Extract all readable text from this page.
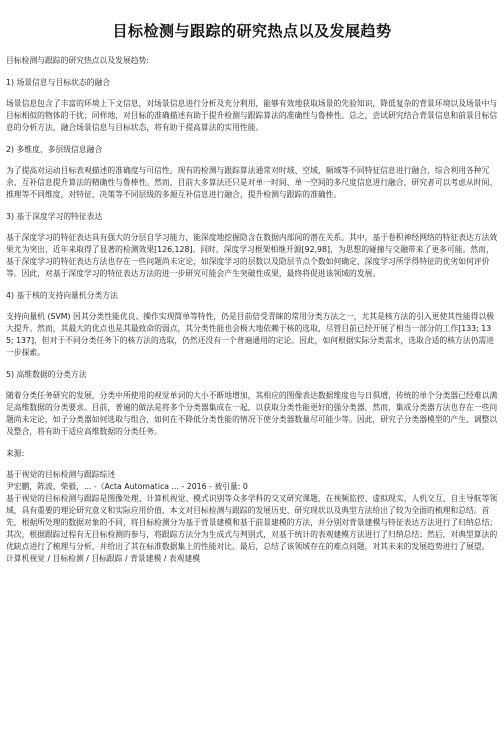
目标检测与跟踪的研究热点以及发展趋势

目标检测与跟踪的研究热点以及发展趋势:

1) 场景信息与目标状态的融合

场景信息包含了丰富的环境上下文信息，对场景信息进行分析及充分利用，能够有效地获取场景的先验知识，降低复杂的背景环境以及场景中与目标相似的物体的干扰；同样地，对目标的准确描述有助于提升检测与跟踪算法的准确性与鲁棒性。总之，尝试研究结合背景信息和前景目标信息的分析方法，融合场景信息与目标状态，将有助于提高算法的实用性能。

2) 多维度、多层级信息融合

为了提高对运动目标表观描述的准确度与可信性，现有的检测与跟踪算法通常对时域、空域、频域等不同特征信息进行融合，综合利用各种冗余、互补信息提升算法的精确性与鲁棒性。然而，目前大多算法还只是对单一时间、单一空间的多尺度信息进行融合，研究者可以考虑从时间、推理等不同维度，对特征、决策等不同层级的多源互补信息进行融合，提升检测与跟踪的准确性。

3) 基于深度学习的特征表达

基于深度学习的特征表达具有强大的分层自学习能力，能深度地挖掘隐含在数据内部间的潜在关系。其中，基于卷积神经网络的特征表达方法效果尤为突出，近年来取得了显著的检测效果[126,128]。同时，深度学习框架相继开源[92,98]，为思想的碰撞与交融带来了更多可能。然而，基于深度学习的特征表达方法也存在一些问题尚未定论，如深度学习的层数以及隐层节点个数如何确定，深度学习所学得特征的优劣如何评价等。因此，对基于深度学习的特征表达方法的进一步研究可能会产生突破性成果，最终将促进该领域的发展。

4) 基于核的支持向量机分类方法

支持向量机 (SVM) 因其分类性能优良、操作实现简单等特性，仍是目前倍受青睐的常用分类方法之一，尤其是核方法的引入更使其性能得以极大提升。然而，其最大的优点也是其最致命的弱点，其分类性能也会极大地依赖于核的选取，尽管目前已经开展了相当一部分的工作[133; 135; 137]，但对于不同分类任务下的核方法的选取，仍然还没有一个普遍通用的定论。因此，如何根据实际分类需求，选取合适的核方法仍需进一步探索。

5) 高维数据的分类方法

随着分类任务研究的发展，分类中所使用的视觉单词的大小不断地增加，其相应的图像表达数据维度也与日俱增，传统的单个分类器已经难以满足高维数据的分类要求。目前，普遍的做法是将多个分类器集成在一起，以获取分类性能更好的强分类器，然而，集成分类器方法也存在一些问题尚未定论，如子分类器如何选取与组合，如何在不降低分类性能的情况下使分类器数量尽可能少等。因此，研究子分类器模型的产生、调整以及整合，将有助于适应高维数据的分类任务。

来源:

基于视觉的目标检测与跟踪综述

尹宏鹏，陈波，柴毅，... -《Acta Automatica ... - 2016 - 被引量: 0

基于视觉的目标检测与跟踪是图像处理、计算机视觉、模式识别等众多学科的交叉研究课题，在视频监控、虚拟现实、人机交互、自主导航等领域，具有重要的理论研究意义和实际应用价值，本文对目标检测与跟踪的发展历史、研究现状以及典型方法给出了较为全面的梳理和总结。首先，根据所处理的数据对象的不同，将目标检测分为基于背景建模和基于前景建模的方法，并分别对背景建模与特征表达方法进行了归纳总结；其次，根据跟踪过程有无目标检测的参与，将跟踪方法分为生成式与判别式，对基于统计的表观建模方法进行了归纳总结；然后，对典型算法的优缺点进行了梳理与分析，并给出了其在标准数据集上的性能对比。最后，总结了该领域存在的难点问题，对其未来的发展趋势进行了展望。

计算机视觉 / 目标检测 / 目标跟踪 / 背景建模 / 表观建模
